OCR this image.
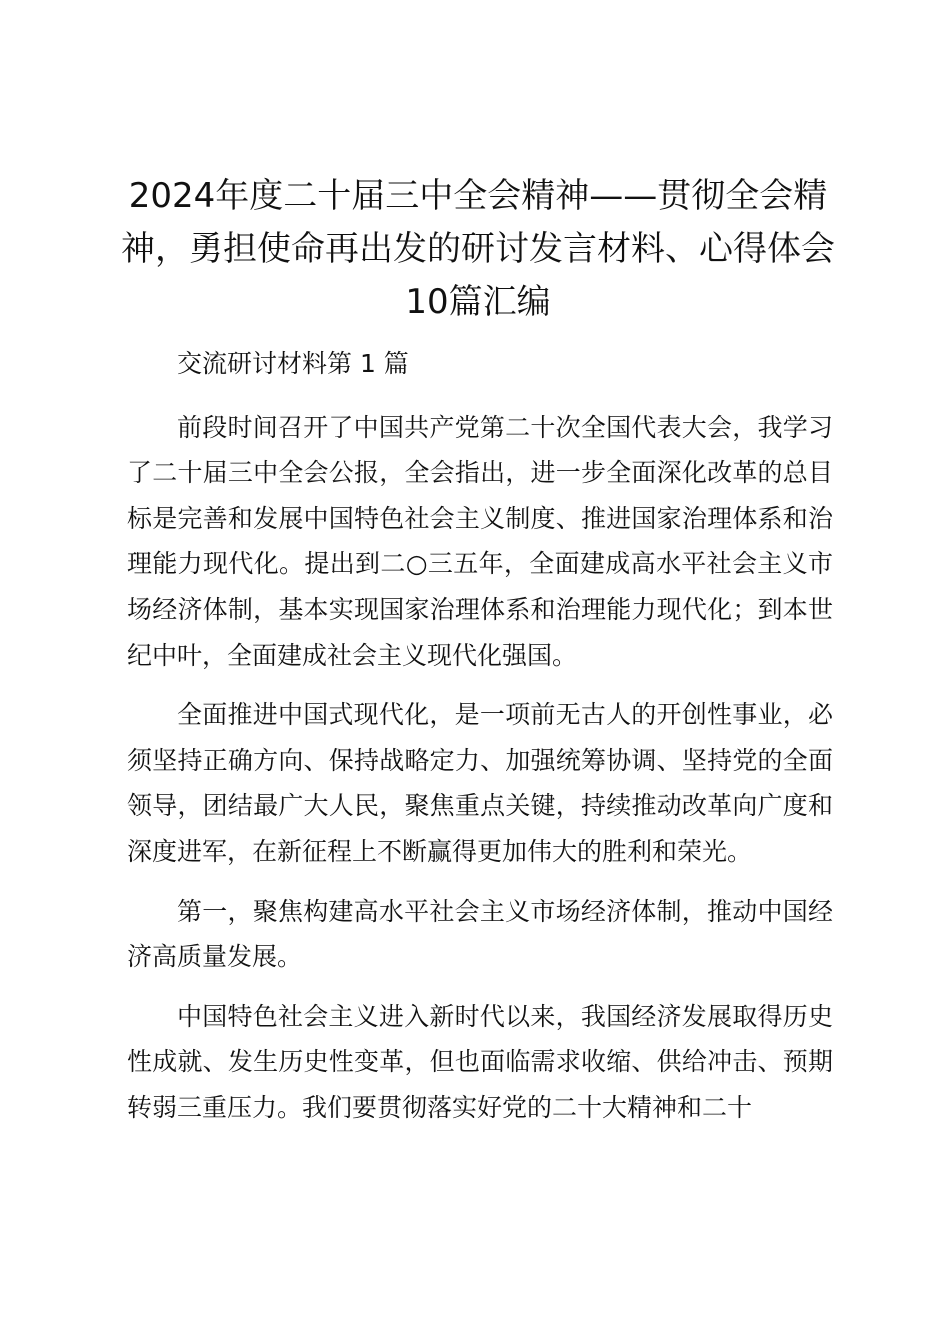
2024年度二十届三中全会精神——贯彻全会精神，勇担使命再出发的研讨发言材料、心得体会10篇汇编

交流研讨材料第 1 篇

前段时间召开了中国共产党第二十次全国代表大会，我学习了二十届三中全会公报，全会指出，进一步全面深化改革的总目标是完善和发展中国特色社会主义制度、推进国家治理体系和治理能力现代化。提出到二○三五年，全面建成高水平社会主义市场经济体制，基本实现国家治理体系和治理能力现代化；到本世纪中叶，全面建成社会主义现代化强国。

全面推进中国式现代化，是一项前无古人的开创性事业，必须坚持正确方向、保持战略定力、加强统筹协调、坚持党的全面领导，团结最广大人民，聚焦重点关键，持续推动改革向广度和深度进军，在新征程上不断赢得更加伟大的胜利和荣光。

第一，聚焦构建高水平社会主义市场经济体制，推动中国经济高质量发展。

中国特色社会主义进入新时代以来，我国经济发展取得历史性成就、发生历史性变革，但也面临需求收缩、供给冲击、预期转弱三重压力。我们要贯彻落实好党的二十大精神和二十
